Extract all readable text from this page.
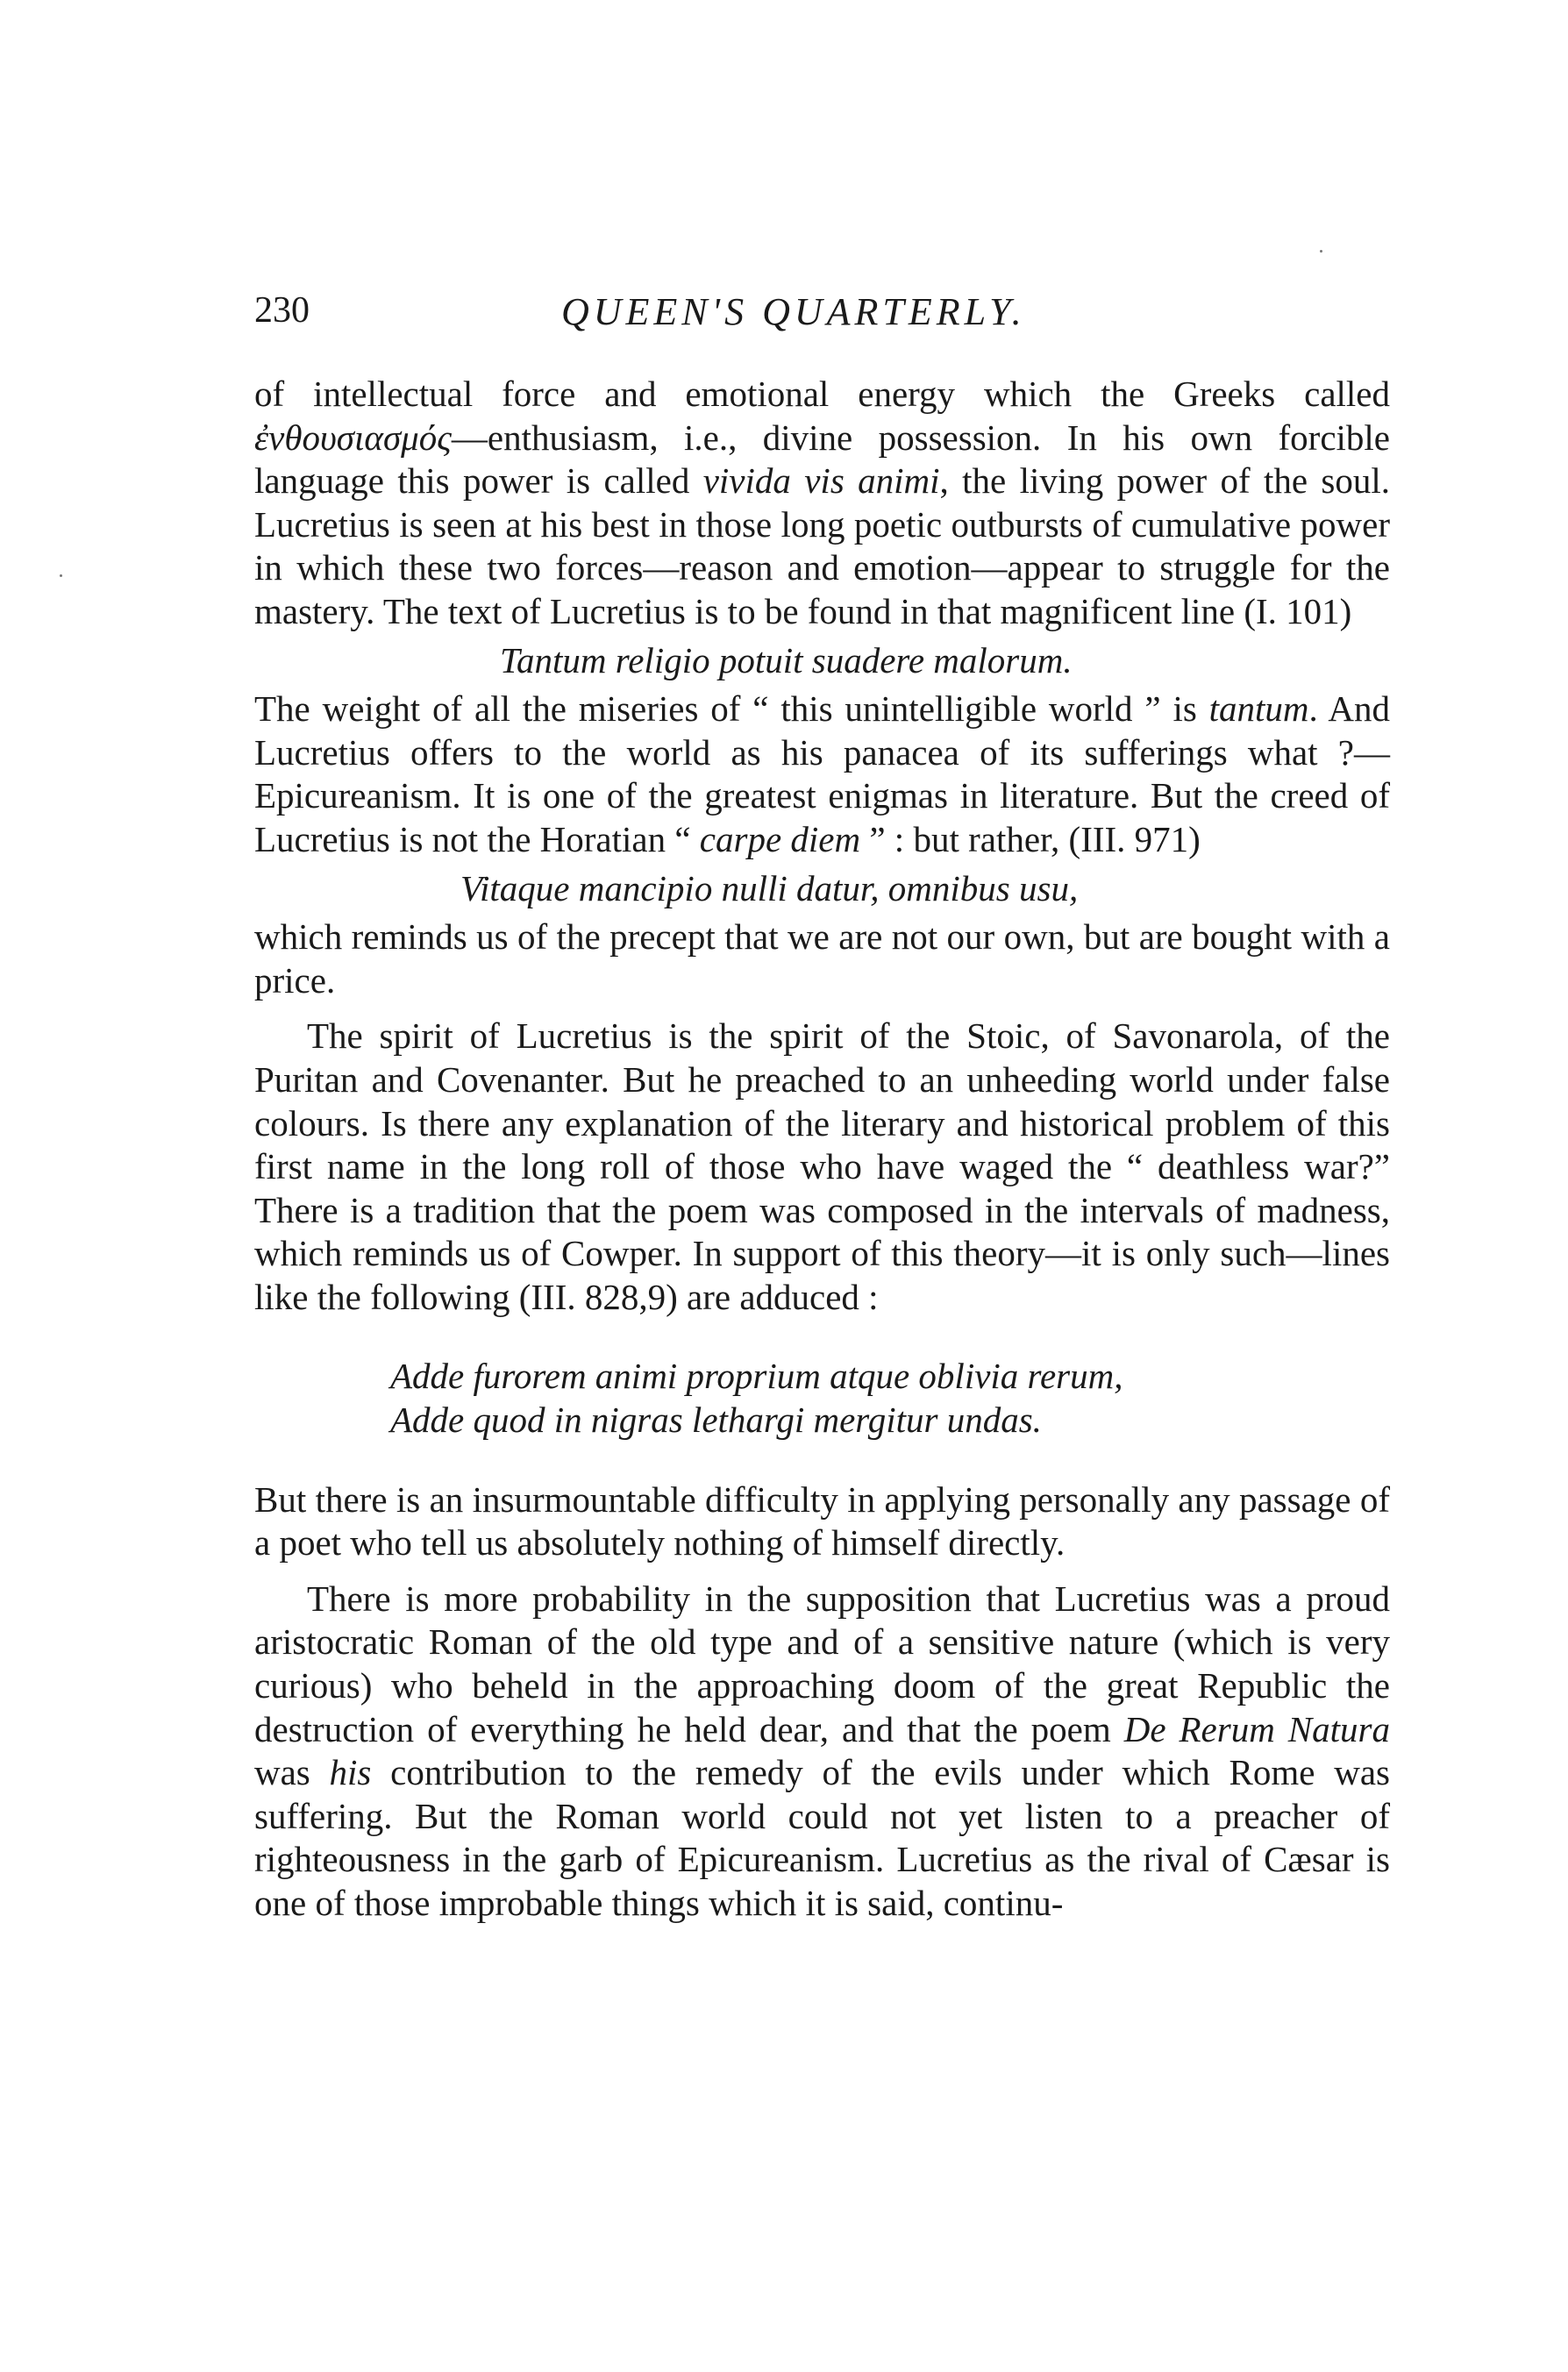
230	QUEEN'S QUARTERLY.

of intellectual force and emotional energy which the Greeks called ἐνθουσιασμός—enthusiasm, i.e., divine possession. In his own forcible language this power is called vivida vis animi, the living power of the soul. Lucretius is seen at his best in those long poetic outbursts of cumulative power in which these two forces—reason and emotion—appear to struggle for the mastery. The text of Lucretius is to be found in that magnificent line (I. 101)

Tantum religio potuit suadere malorum.

The weight of all the miseries of “ this unintelligible world ” is tantum. And Lucretius offers to the world as his panacea of its sufferings what ?—Epicureanism. It is one of the greatest enigmas in literature. But the creed of Lucretius is not the Horatian “ carpe diem ” : but rather, (III. 971)

Vitaque mancipio nulli datur, omnibus usu,

which reminds us of the precept that we are not our own, but are bought with a price.

The spirit of Lucretius is the spirit of the Stoic, of Savonarola, of the Puritan and Covenanter. But he preached to an unheeding world under false colours. Is there any explanation of the literary and historical problem of this first name in the long roll of those who have waged the “ deathless war?” There is a tradition that the poem was composed in the intervals of madness, which reminds us of Cowper. In support of this theory—it is only such—lines like the following (III. 828,9) are adduced :

Adde furorem animi proprium atque oblivia rerum,
Adde quod in nigras lethargi mergitur undas.

But there is an insurmountable difficulty in applying personally any passage of a poet who tell us absolutely nothing of himself directly.

There is more probability in the supposition that Lucretius was a proud aristocratic Roman of the old type and of a sensitive nature (which is very curious) who beheld in the approaching doom of the great Republic the destruction of everything he held dear, and that the poem De Rerum Natura was his contribution to the remedy of the evils under which Rome was suffering. But the Roman world could not yet listen to a preacher of righteousness in the garb of Epicureanism. Lucretius as the rival of Cæsar is one of those improbable things which it is said, continu-
